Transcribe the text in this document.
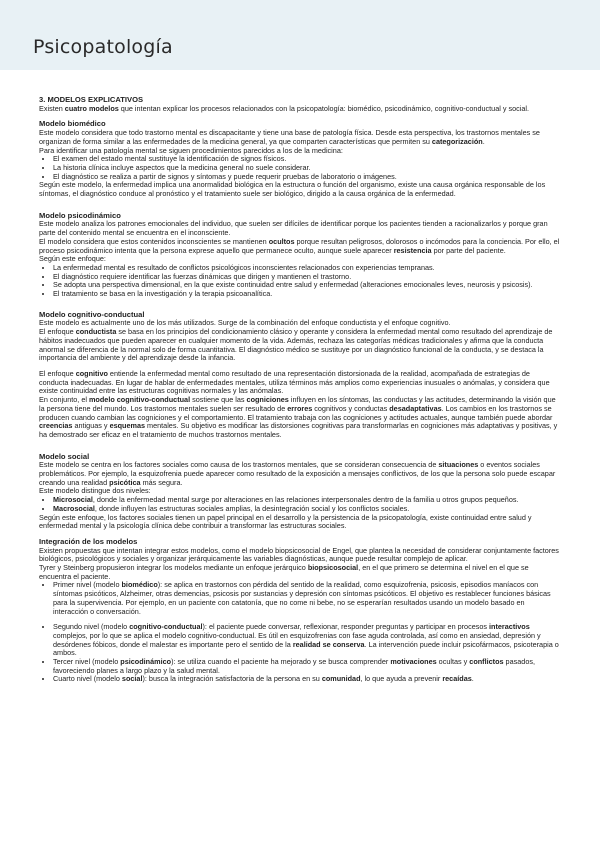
Psicopatología

3. MODELOS EXPLICATIVOS

Existen cuatro modelos que intentan explicar los procesos relacionados con la psicopatología: biomédico, psicodinámico, cognitivo-conductual y social.

Modelo biomédico

Este modelo considera que todo trastorno mental es discapacitante y tiene una base de patología física. Desde esta perspectiva, los trastornos mentales se organizan de forma similar a las enfermedades de la medicina general, ya que comparten características que permiten su categorización.

Para identificar una patología mental se siguen procedimientos parecidos a los de la medicina:

• El examen del estado mental sustituye la identificación de signos físicos.
• La historia clínica incluye aspectos que la medicina general no suele considerar.
• El diagnóstico se realiza a partir de signos y síntomas y puede requerir pruebas de laboratorio o imágenes.

Según este modelo, la enfermedad implica una anormalidad biológica en la estructura o función del organismo, existe una causa orgánica responsable de los síntomas, el diagnóstico conduce al pronóstico y el tratamiento suele ser biológico, dirigido a la causa orgánica de la enfermedad.

Modelo psicodinámico

Este modelo analiza los patrones emocionales del individuo, que suelen ser difíciles de identificar porque los pacientes tienden a racionalizarlos y porque gran parte del contenido mental se encuentra en el inconsciente.

El modelo considera que estos contenidos inconscientes se mantienen ocultos porque resultan peligrosos, dolorosos o incómodos para la conciencia. Por ello, el proceso psicodinámico intenta que la persona exprese aquello que permanece oculto, aunque suele aparecer resistencia por parte del paciente.

Según este enfoque:

• La enfermedad mental es resultado de conflictos psicológicos inconscientes relacionados con experiencias tempranas.
• El diagnóstico requiere identificar las fuerzas dinámicas que dirigen y mantienen el trastorno.
• Se adopta una perspectiva dimensional, en la que existe continuidad entre salud y enfermedad (alteraciones emocionales leves, neurosis y psicosis).
• El tratamiento se basa en la investigación y la terapia psicoanalítica.

Modelo cognitivo-conductual

Este modelo es actualmente uno de los más utilizados. Surge de la combinación del enfoque conductista y el enfoque cognitivo.

El enfoque conductista se basa en los principios del condicionamiento clásico y operante y considera la enfermedad mental como resultado del aprendizaje de hábitos inadecuados que pueden aparecer en cualquier momento de la vida. Además, rechaza las categorías médicas tradicionales y afirma que la conducta anormal se diferencia de la normal solo de forma cuantitativa. El diagnóstico médico se sustituye por un diagnóstico funcional de la conducta, y se destaca la importancia del ambiente y del aprendizaje desde la infancia.

El enfoque cognitivo entiende la enfermedad mental como resultado de una representación distorsionada de la realidad, acompañada de estrategias de conducta inadecuadas. En lugar de hablar de enfermedades mentales, utiliza términos más amplios como experiencias inusuales o anómalas, y considera que existe continuidad entre las estructuras cognitivas normales y las anómalas.

En conjunto, el modelo cognitivo-conductual sostiene que las cogniciones influyen en los síntomas, las conductas y las actitudes, determinando la visión que la persona tiene del mundo. Los trastornos mentales suelen ser resultado de errores cognitivos y conductas desadaptativas. Los cambios en los trastornos se producen cuando cambian las cogniciones y el comportamiento. El tratamiento trabaja con las cogniciones y actitudes actuales, aunque también puede abordar creencias antiguas y esquemas mentales. Su objetivo es modificar las distorsiones cognitivas para transformarlas en cogniciones más adaptativas y positivas, y ha demostrado ser eficaz en el tratamiento de muchos trastornos mentales.

Modelo social

Este modelo se centra en los factores sociales como causa de los trastornos mentales, que se consideran consecuencia de situaciones o eventos sociales problemáticos. Por ejemplo, la esquizofrenia puede aparecer como resultado de la exposición a mensajes conflictivos, de los que la persona solo puede escapar creando una realidad psicótica más segura.

Este modelo distingue dos niveles:

• Microsocial, donde la enfermedad mental surge por alteraciones en las relaciones interpersonales dentro de la familia u otros grupos pequeños.
• Macrosocial, donde influyen las estructuras sociales amplias, la desintegración social y los conflictos sociales.

Según este enfoque, los factores sociales tienen un papel principal en el desarrollo y la persistencia de la psicopatología, existe continuidad entre salud y enfermedad mental y la psicología clínica debe contribuir a transformar las estructuras sociales.

Integración de los modelos

Existen propuestas que intentan integrar estos modelos, como el modelo biopsicosocial de Engel, que plantea la necesidad de considerar conjuntamente factores biológicos, psicológicos y sociales y organizar jerárquicamente las variables diagnósticas, aunque puede resultar complejo de aplicar.

Tyrer y Steinberg propusieron integrar los modelos mediante un enfoque jerárquico biopsicosocial, en el que primero se determina el nivel en el que se encuentra el paciente.

• Primer nivel (modelo biomédico): se aplica en trastornos con pérdida del sentido de la realidad, como esquizofrenia, psicosis, episodios maníacos con síntomas psicóticos, Alzheimer, otras demencias, psicosis por sustancias y depresión con síntomas psicóticos. El objetivo es restablecer funciones básicas para la supervivencia. Por ejemplo, en un paciente con catatonía, que no come ni bebe, no se esperarían resultados usando un modelo basado en interacción o conversación.
• Segundo nivel (modelo cognitivo-conductual): el paciente puede conversar, reflexionar, responder preguntas y participar en procesos interactivos complejos, por lo que se aplica el modelo cognitivo-conductual. Es útil en esquizofrenias con fase aguda controlada, así como en ansiedad, depresión y desórdenes fóbicos, donde el malestar es importante pero el sentido de la realidad se conserva. La intervención puede incluir psicofármacos, psicoterapia o ambos.
• Tercer nivel (modelo psicodinámico): se utiliza cuando el paciente ha mejorado y se busca comprender motivaciones ocultas y conflictos pasados, favoreciendo planes a largo plazo y la salud mental.
• Cuarto nivel (modelo social): busca la integración satisfactoria de la persona en su comunidad, lo que ayuda a prevenir recaídas.
